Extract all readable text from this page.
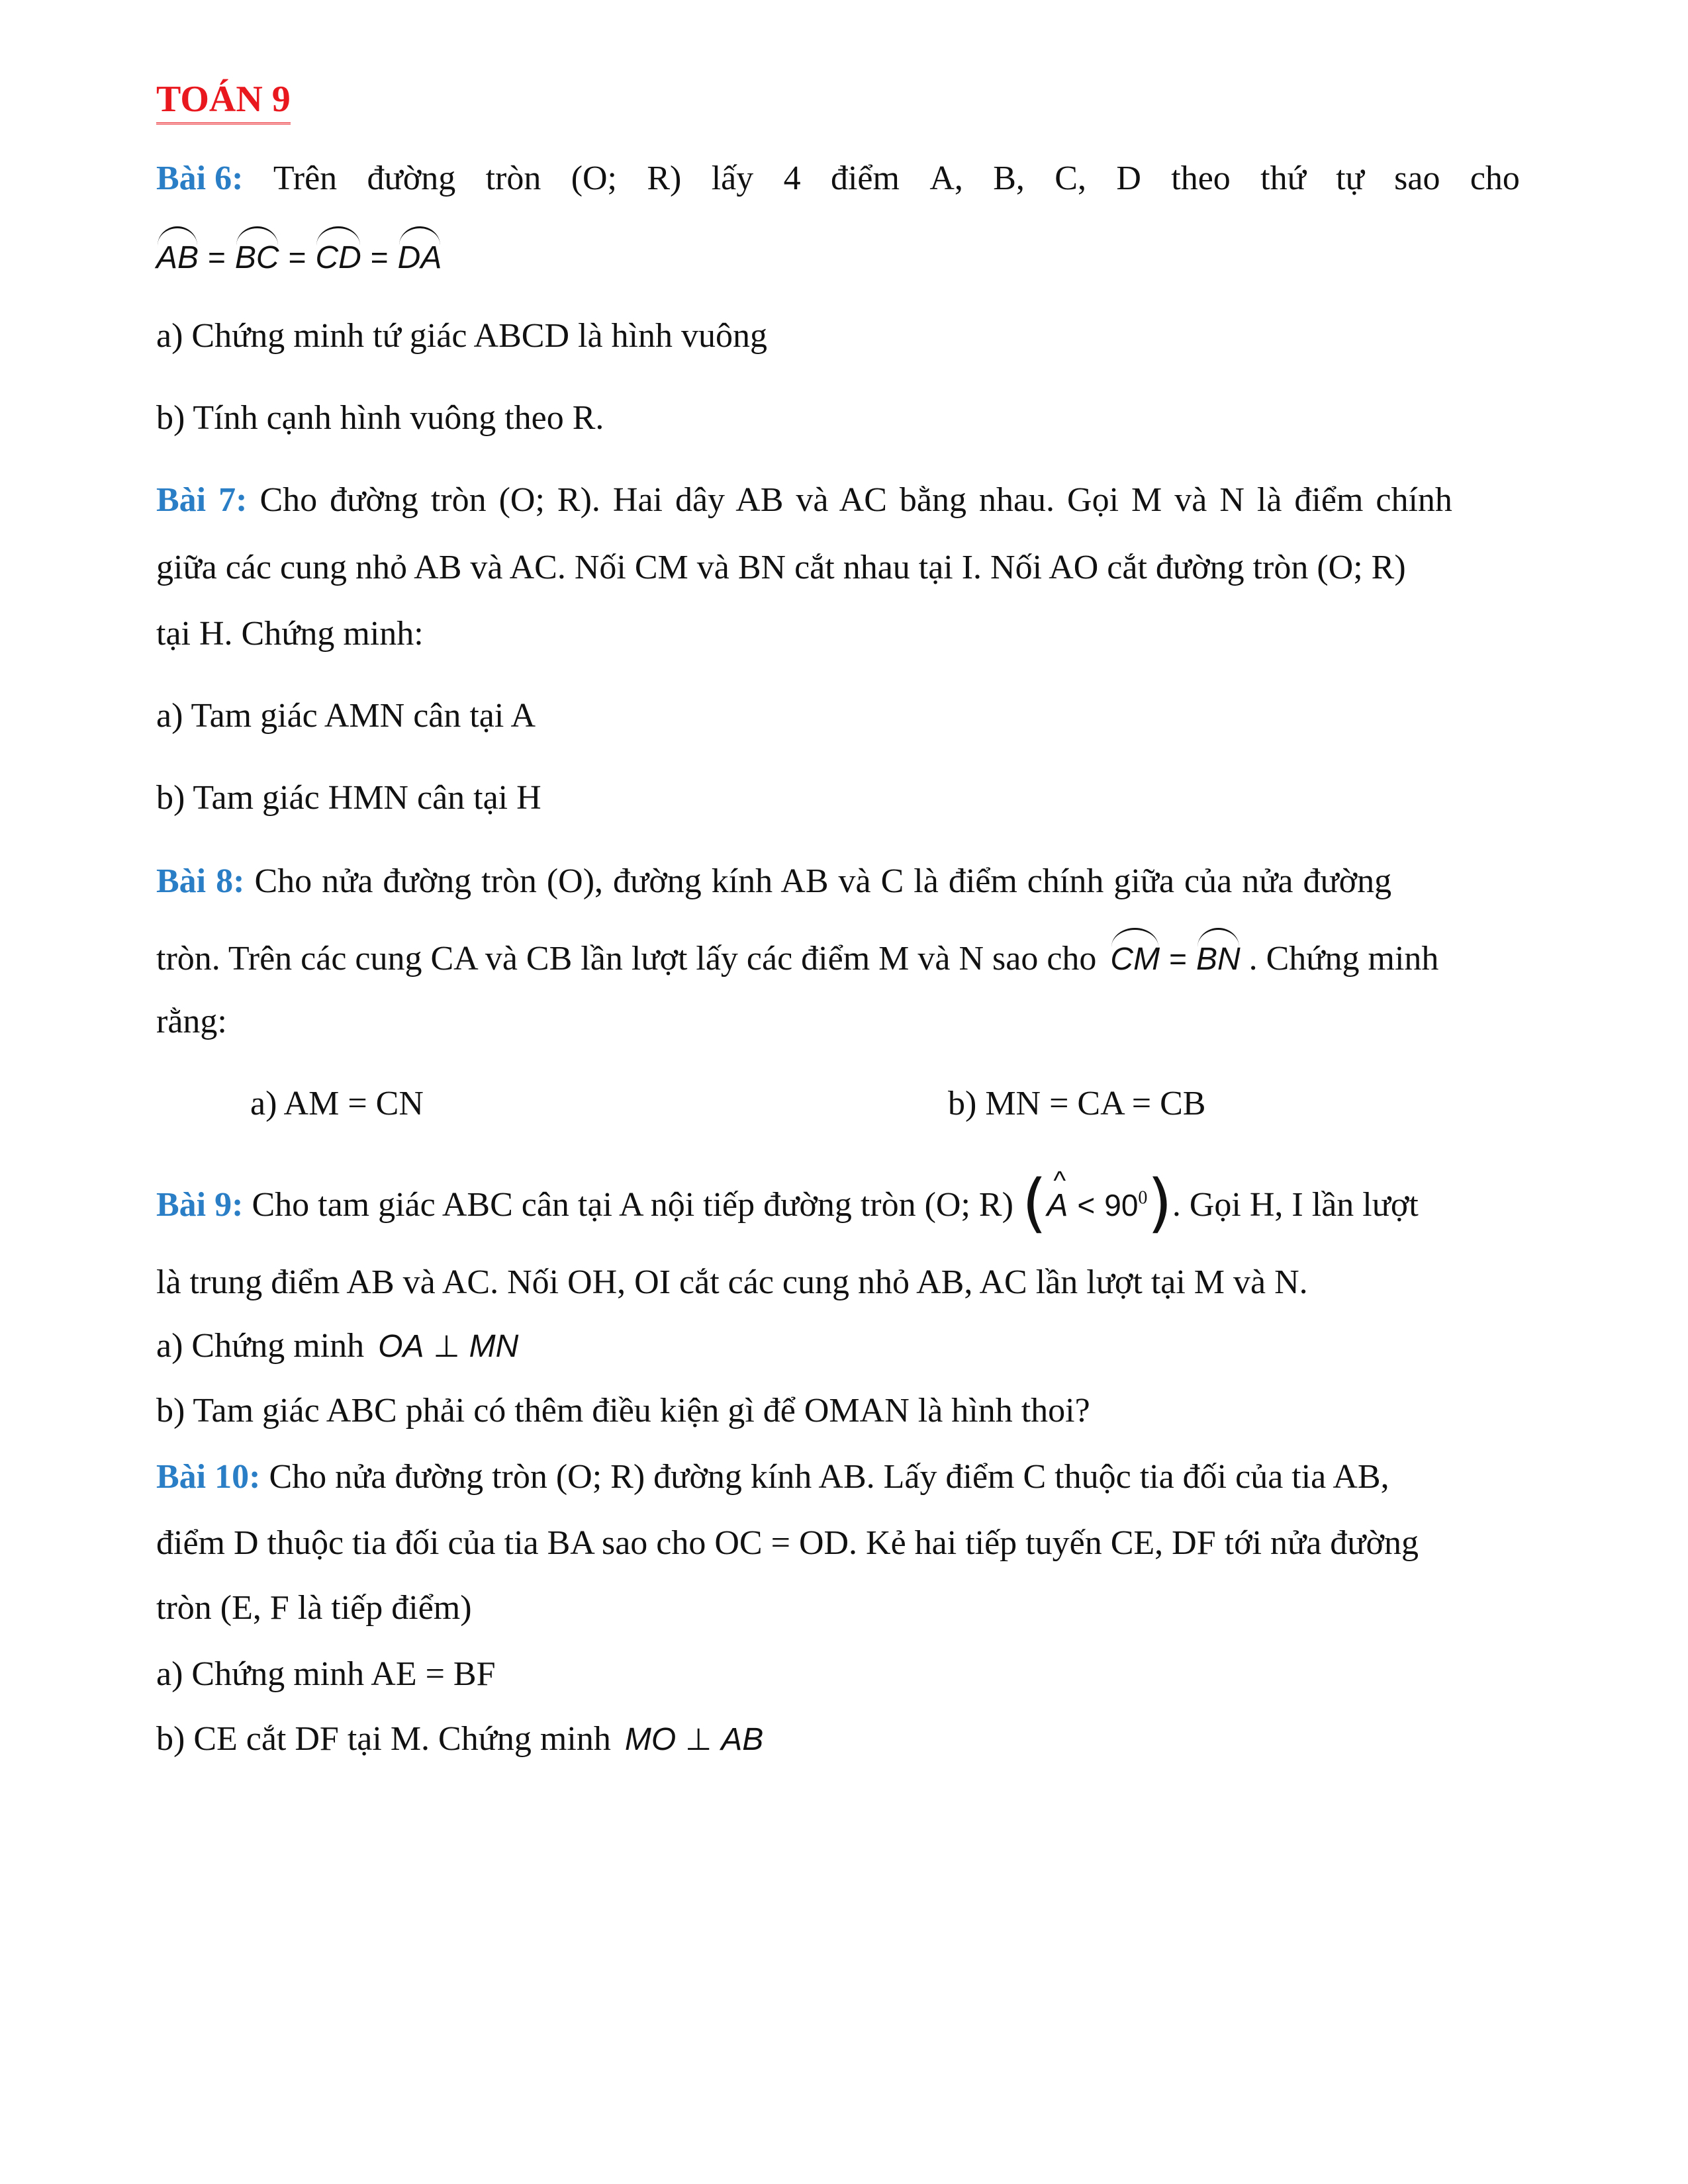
TOÁN 9
Bài 6: Trên đường tròn (O; R) lấy 4 điểm A, B, C, D theo thứ tự sao cho
AB = BC = CD = DA
a) Chứng minh tứ giác ABCD là hình vuông
b) Tính cạnh hình vuông theo R.
Bài 7: Cho đường tròn (O; R). Hai dây AB và AC bằng nhau. Gọi M và N là điểm chính
giữa các cung nhỏ AB và AC. Nối CM và BN cắt nhau tại I. Nối AO cắt đường tròn (O; R)
tại H. Chứng minh:
a) Tam giác AMN cân tại A
b) Tam giác HMN cân tại H
Bài 8: Cho nửa đường tròn (O), đường kính AB và C là điểm chính giữa của nửa đường
tròn. Trên các cung CA và CB lần lượt lấy các điểm M và N sao cho CM = BN . Chứng minh
rằng:
a) AM = CN	b) MN = CA = CB
Bài 9: Cho tam giác ABC cân tại A nội tiếp đường tròn (O; R) (^ $A < 90^0$). Gọi H, I lần lượt
là trung điểm AB và AC. Nối OH, OI cắt các cung nhỏ AB, AC lần lượt tại M và N.
a) Chứng minh OA ⊥ MN
b) Tam giác ABC phải có thêm điều kiện gì để OMAN là hình thoi?
Bài 10: Cho nửa đường tròn (O; R) đường kính AB. Lấy điểm C thuộc tia đối của tia AB,
điểm D thuộc tia đối của tia BA sao cho OC = OD. Kẻ hai tiếp tuyến CE, DF tới nửa đường
tròn (E, F là tiếp điểm)
a) Chứng minh AE = BF
b) CE cắt DF tại M. Chứng minh MO ⊥ AB
